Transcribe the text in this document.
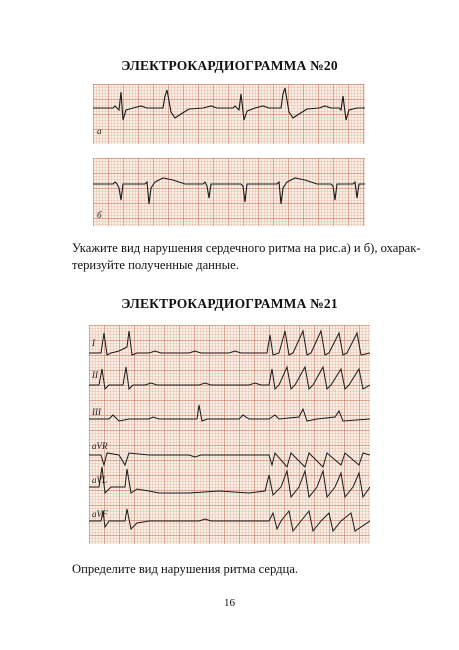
ЭЛЕКТРОКАРДИОГРАММА №20
а
б
Укажите вид нарушения сердечного ритма на рис.а) и б), охарак-
теризуйте полученные данные.
ЭЛЕКТРОКАРДИОГРАММА №21
I
II
III
aVR
aVL
aVF
Определите вид нарушения ритма сердца.
16
